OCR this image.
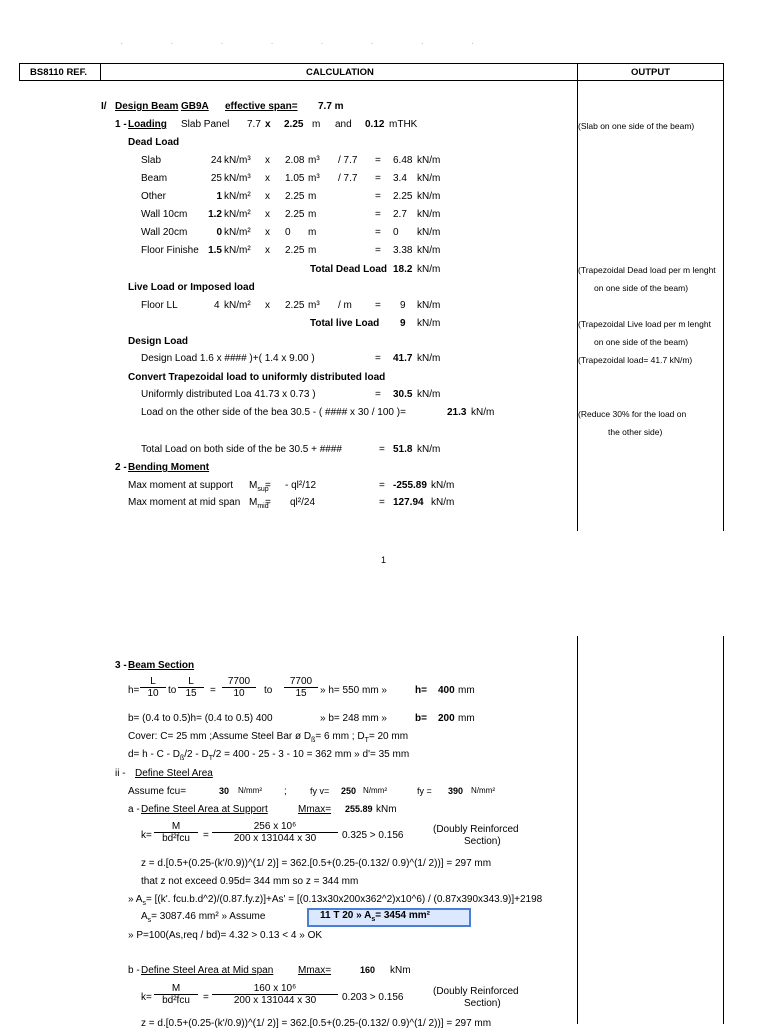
· · · · · · · ·
BS8110 REF.	CALCULATION	OUTPUT
I/ Design Beam GB9A effective span= 7.7 m
1 - Loading Slab Panel 7.7 x 2.25 m and 0.12 mTHK	(Slab on one side of the beam)
Dead Load
Slab	24 kN/m³ x 2.08 m³ / 7.7 = 6.48 kN/m
Beam	25 kN/m³ x 1.05 m³ / 7.7 = 3.4 kN/m
Other	1 kN/m² x 2.25 m	= 2.25 kN/m
Wall 10cm	1.2 kN/m² x 2.25 m	= 2.7 kN/m
Wall 20cm	0 kN/m² x 0 m	= 0 kN/m
Floor Finishe 1.5 kN/m² x 2.25 m	= 3.38 kN/m
Total Dead Load 18.2 kN/m	(Trapezoidal Dead load per m lenght
Live Load or Imposed load	on one side of the beam)
Floor LL	4 kN/m² x 2.25 m³ / m = 9 kN/m
Total live Load 9 kN/m	(Trapezoidal Live load per m lenght
Design Load	on one side of the beam)
Design Load 1.6 x #### )+( 1.4 x 9.00 )	= 41.7 kN/m	(Trapezoidal load= 41.7 kN/m)
Convert Trapezoidal load to uniformly distributed load
Uniformly distributed Loa 41.73 x 0.73 )	= 30.5 kN/m
Load on the other side of the bea 30.5 - ( #### x 30 / 100 )=	21.3 kN/m	(Reduce 30% for the load on
the other side)
Total Load on both side of the be 30.5 + ####	= 51.8 kN/m
2 - Bending Moment
Max moment at support $M_{sup}$
= - ql²/12	= -255.89 kN/m
Max moment at mid span $M_{mid}$
= ql²/24	= 127.94 kN/m
1
3 - Beam Section
$h= \frac{L}{10}$ to $\frac{L}{15} = \frac{7700}{10}$ to $\frac{7700}{15}$ » h= 550 mm »	h= 400 mm
b= (0.4 to 0.5)h= (0.4 to 0.5) 400	» b= 248 mm »	b= 200 mm
Cover: C= 25 mm ;Assume Steel Bar ø $D_ß= 6$ mm ; $D_T= 20$ mm
$d= h - C - D_ß/2 - D_T/2 = 400 - 25 - 3 - 10 = 362$ mm » d'= 35 mm
ii - Define Steel Area
Assume fcu=	30 N/mm² ;	fy v= 250 N/mm²	fy = 390 N/mm²
a - Define Steel Area at Support	Mmax= 255.89 kNm
k=
M
bd²fcu	= $\frac{\text{256 x 10⁶}}{200 x 131044 x 30} 0.325 > 0.156$
(Doubly Reinforced
Section)
z = d.[0.5+(0.25-(k'/0.9))^(1/ 2)] = 362.[0.5+(0.25-(0.132/ 0.9)^(1/ 2))] = 297 mm
that z not exceed 0.95d= 344 mm so z = 344 mm
» $A_s= [(k'$. fcu.b.d^2)/(0.87.fy.z)]+As' = [(0.13x30x200x362^2)x10^6) / (0.87x390x343.9)]+2198
$A_s= 3087.46$ mm² » Assume	11 T 20 » $A_s= 3454$ mm²
» P=100(As,req / bd)= 4.32 > 0.13 < 4 » OK
b - Define Steel Area at Mid span Mmax=	160 kNm
k=
M
bd²fcu	= $\frac{\text{160 x 10⁶}}{200 x 131044 x 30} 0.203 > 0.156$
(Doubly Reinforced
Section)
z = d.[0.5+(0.25-(k'/0.9))^(1/ 2)] = 362.[0.5+(0.25-(0.132/ 0.9)^(1/ 2))] = 297 mm
